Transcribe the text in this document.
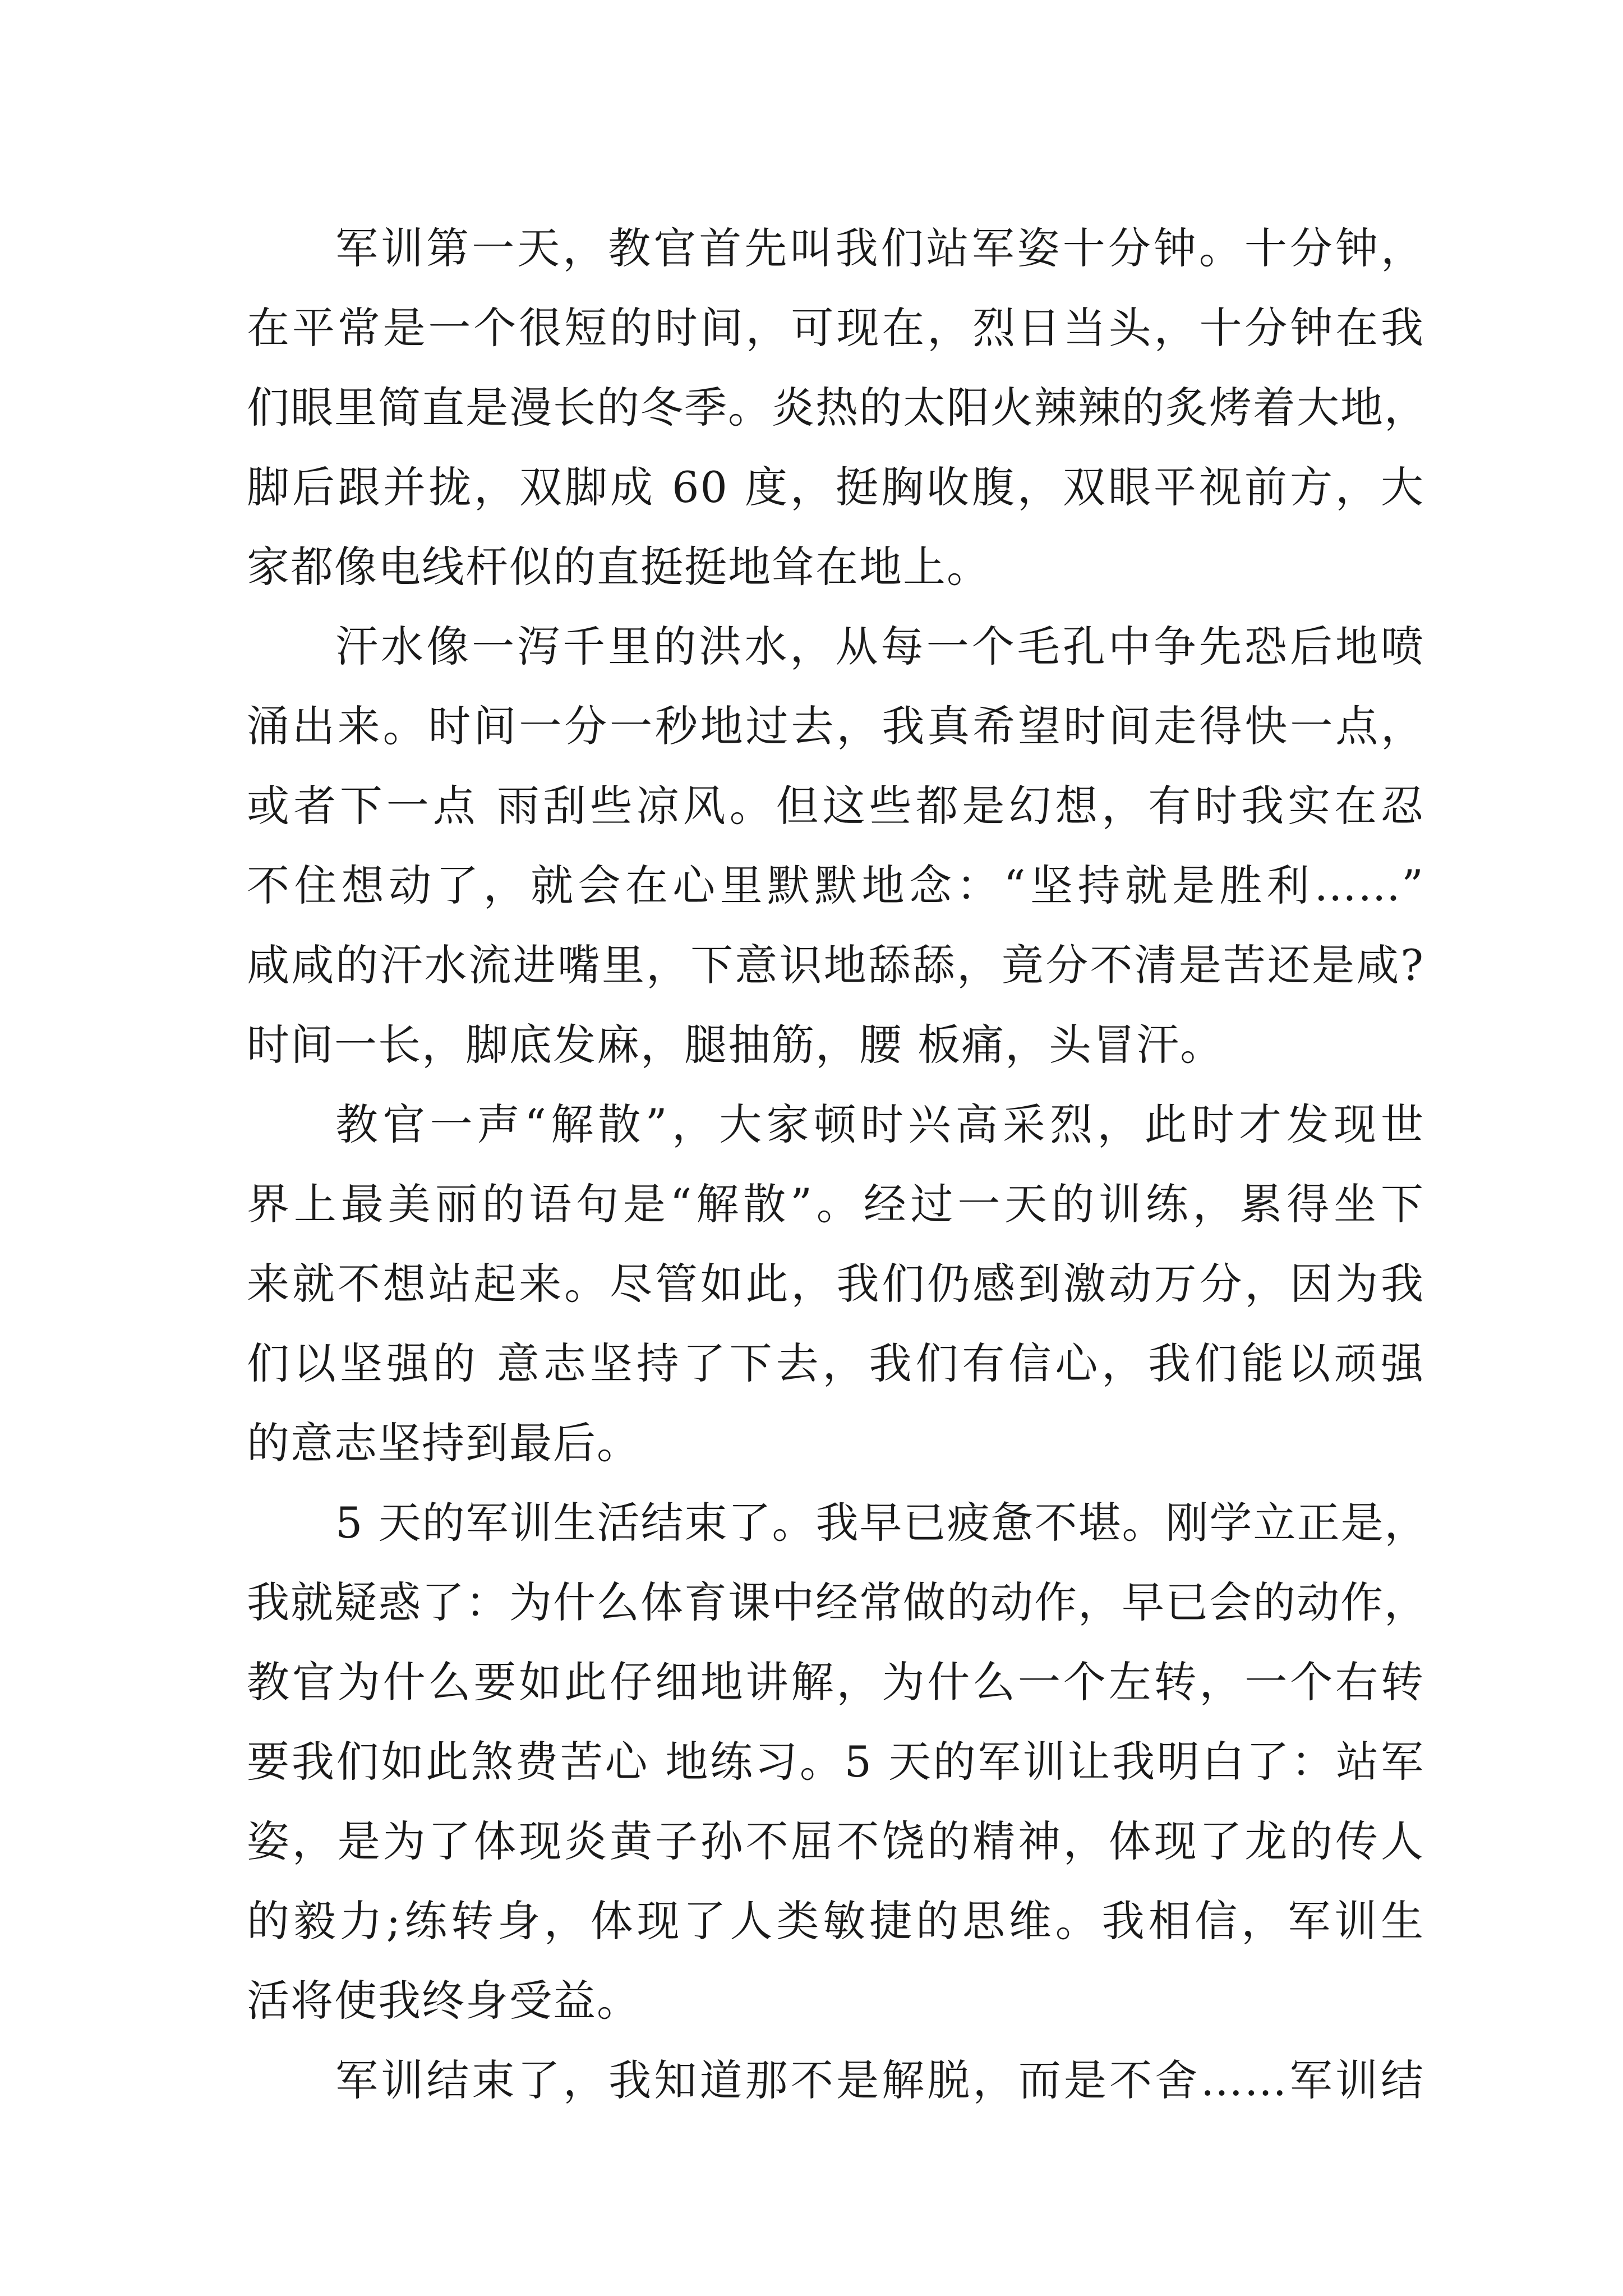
军训第一天，教官首先叫我们站军姿十分钟。十分钟，
在平常是一个很短的时间，可现在，烈日当头，十分钟在我
们眼里简直是漫长的冬季。炎热的太阳火辣辣的炙烤着大地，
脚后跟并拢，双脚成 60 度，挺胸收腹，双眼平视前方，大
家都像电线杆似的直挺挺地耸在地上。
汗水像一泻千里的洪水，从每一个毛孔中争先恐后地喷
涌出来。时间一分一秒地过去，我真希望时间走得快一点，
或者下一点 雨刮些凉风。但这些都是幻想，有时我实在忍
不住想动了，就会在心里默默地念：“坚持就是胜利……”
咸咸的汗水流进嘴里，下意识地舔舔，竟分不清是苦还是咸?
时间一长，脚底发麻，腿抽筋，腰 板痛，头冒汗。
教官一声“解散”，大家顿时兴高采烈，此时才发现世
界上最美丽的语句是“解散”。经过一天的训练，累得坐下
来就不想站起来。尽管如此，我们仍感到激动万分，因为我
们以坚强的 意志坚持了下去，我们有信心，我们能以顽强
的意志坚持到最后。
5 天的军训生活结束了。我早已疲惫不堪。刚学立正是，
我就疑惑了：为什么体育课中经常做的动作，早已会的动作，
教官为什么要如此仔细地讲解，为什么一个左转，一个右转
要我们如此煞费苦心 地练习。5 天的军训让我明白了：站军
姿，是为了体现炎黄子孙不屈不饶的精神，体现了龙的传人
的毅力;练转身，体现了人类敏捷的思维。我相信，军训生
活将使我终身受益。
军训结束了，我知道那不是解脱，而是不舍……军训结
